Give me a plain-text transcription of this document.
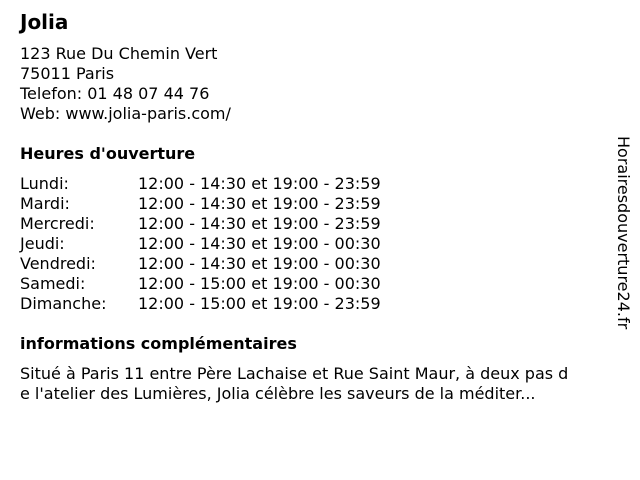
Jolia
123 Rue Du Chemin Vert
75011 Paris
Telefon: 01 48 07 44 76
Web: www.jolia-paris.com/
Heures d'ouverture
Lundi:	12:00 - 14:30 et 19:00 - 23:59
Mardi:	12:00 - 14:30 et 19:00 - 23:59
Mercredi:	12:00 - 14:30 et 19:00 - 23:59
Jeudi:	12:00 - 14:30 et 19:00 - 00:30
Vendredi:	12:00 - 14:30 et 19:00 - 00:30
Samedi:	12:00 - 15:00 et 19:00 - 00:30
Dimanche: 12:00 - 15:00 et 19:00 - 23:59
informations complémentaires
Situé à Paris 11 entre Père Lachaise et Rue Saint Maur, à deux pas d
e l'atelier des Lumières, Jolia célèbre les saveurs de la méditer...
Horairesdouverture24.fr
